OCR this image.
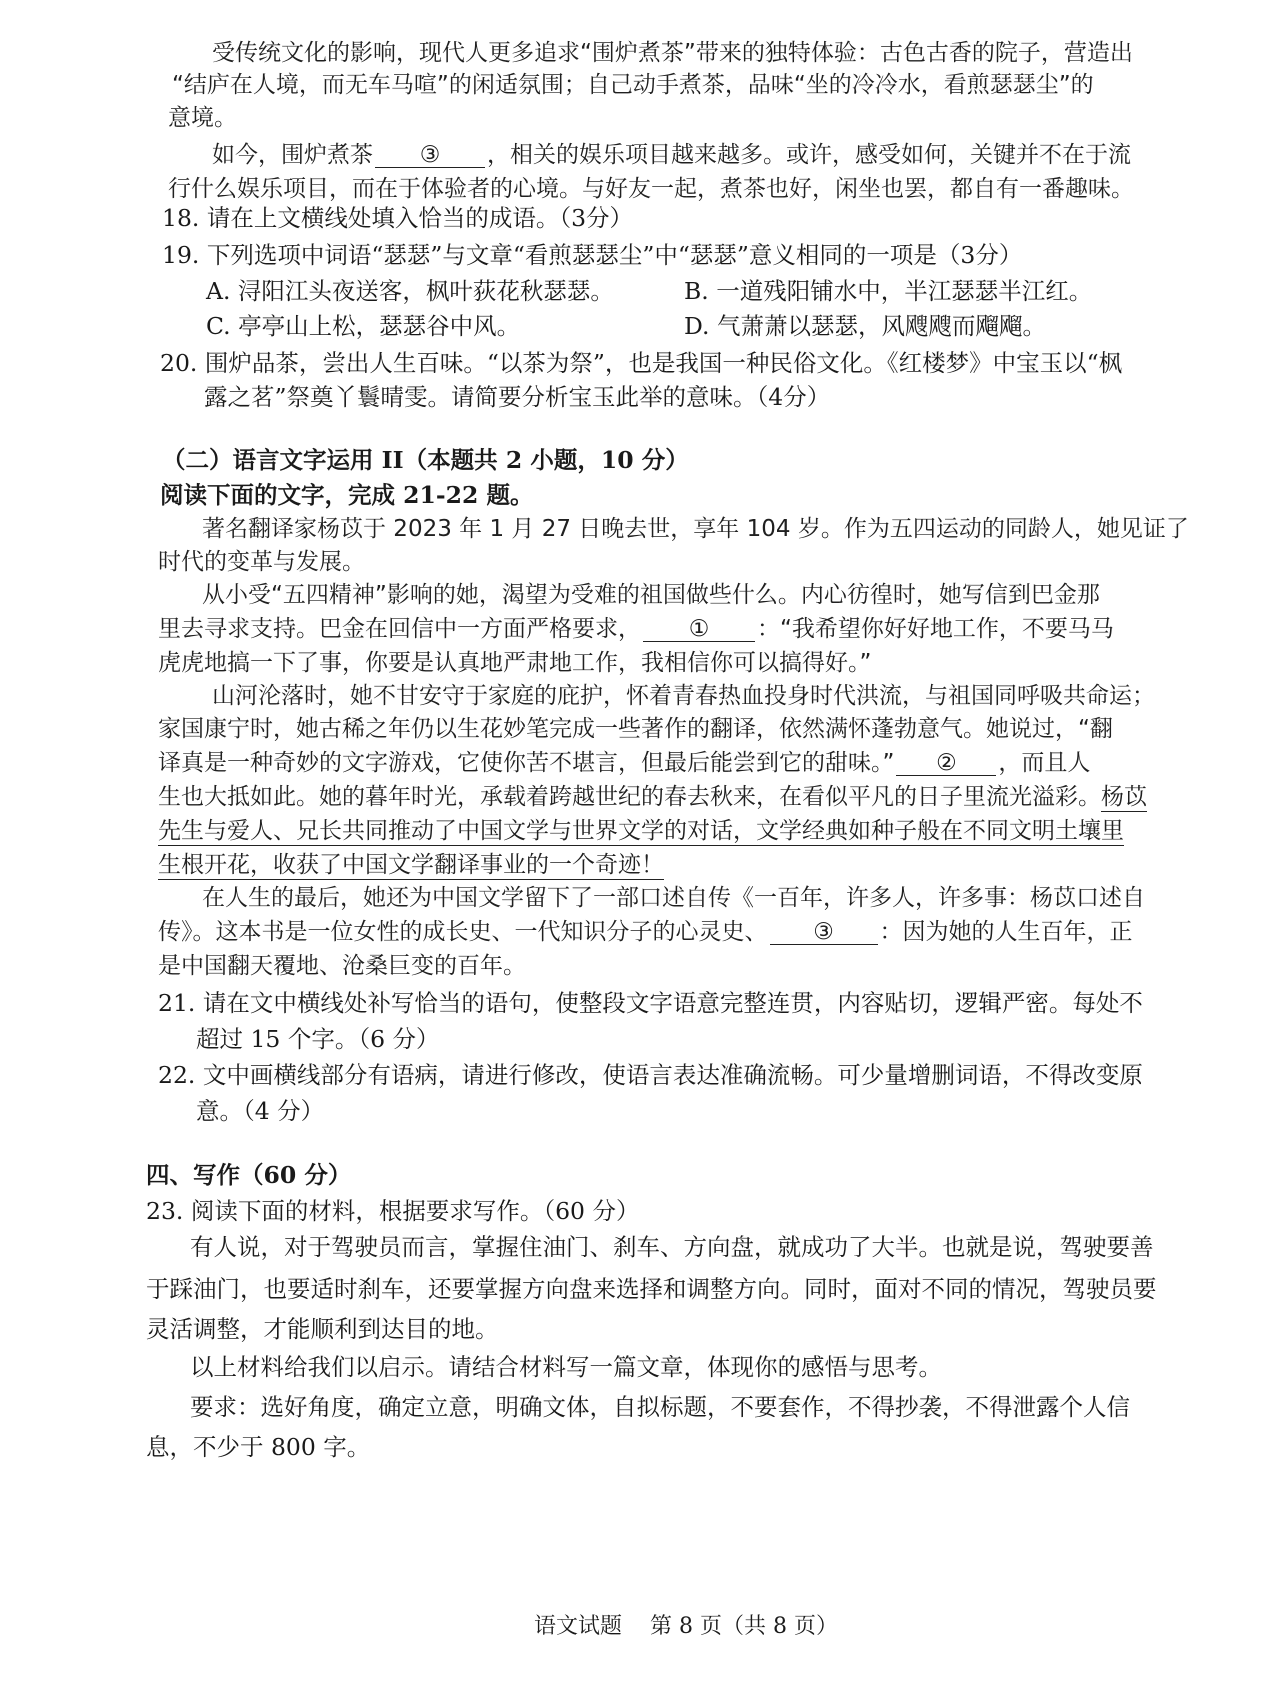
受传统文化的影响，现代人更多追求“围炉煮茶”带来的独特体验：古色古香的院子，营造出
“结庐在人境，而无车马喧”的闲适氛围；自己动手煮茶，品味“坐的冷冷水，看煎瑟瑟尘”的
意境。
如今，围炉煮茶 ③ ，相关的娱乐项目越来越多。或许，感受如何，关键并不在于流
行什么娱乐项目，而在于体验者的心境。与好友一起，煮茶也好，闲坐也罢，都自有一番趣味。
18. 请在上文横线处填入恰当的成语。（3分）
19. 下列选项中词语“瑟瑟”与文章“看煎瑟瑟尘”中“瑟瑟”意义相同的一项是（3分）
A. 浔阳江头夜送客，枫叶荻花秋瑟瑟。	B. 一道残阳铺水中，半江瑟瑟半江红。
C. 亭亭山上松，瑟瑟谷中风。	D. 气萧萧以瑟瑟，风飕飕而飗飗。
20. 围炉品茶，尝出人生百味。“以茶为祭”，也是我国一种民俗文化。《红楼梦》中宝玉以“枫
露之茗”祭奠丫鬟晴雯。请简要分析宝玉此举的意味。（4分）
（二）语言文字运用 II（本题共 2 小题，10 分）
阅读下面的文字，完成 21-22 题。
著名翻译家杨苡于 2023 年 1 月 27 日晚去世，享年 104 岁。作为五四运动的同龄人，她见证了
时代的变革与发展。
从小受“五四精神”影响的她，渴望为受难的祖国做些什么。内心彷徨时，她写信到巴金那
里去寻求支持。巴金在回信中一方面严格要求， ① ：“我希望你好好地工作，不要马马
虎虎地搞一下了事，你要是认真地严肃地工作，我相信你可以搞得好。”
山河沦落时，她不甘安守于家庭的庇护，怀着青春热血投身时代洪流，与祖国同呼吸共命运；
家国康宁时，她古稀之年仍以生花妙笔完成一些著作的翻译，依然满怀蓬勃意气。她说过，“翻
译真是一种奇妙的文字游戏，它使你苦不堪言，但最后能尝到它的甜味。” ② ，而且人
生也大抵如此。她的暮年时光，承载着跨越世纪的春去秋来，在看似平凡的日子里流光溢彩。杨苡
先生与爱人、兄长共同推动了中国文学与世界文学的对话，文学经典如种子般在不同文明土壤里
生根开花，收获了中国文学翻译事业的一个奇迹！
在人生的最后，她还为中国文学留下了一部口述自传《一百年，许多人，许多事：杨苡口述自
传》。这本书是一位女性的成长史、一代知识分子的心灵史、 ③ ：因为她的人生百年，正
是中国翻天覆地、沧桑巨变的百年。
21. 请在文中横线处补写恰当的语句，使整段文字语意完整连贯，内容贴切，逻辑严密。每处不
超过 15 个字。（6 分）
22. 文中画横线部分有语病，请进行修改，使语言表达准确流畅。可少量增删词语，不得改变原
意。（4 分）
四、写作（60 分）
23. 阅读下面的材料，根据要求写作。（60 分）
有人说，对于驾驶员而言，掌握住油门、刹车、方向盘，就成功了大半。也就是说，驾驶要善
于踩油门，也要适时刹车，还要掌握方向盘来选择和调整方向。同时，面对不同的情况，驾驶员要
灵活调整，才能顺利到达目的地。
以上材料给我们以启示。请结合材料写一篇文章，体现你的感悟与思考。
要求：选好角度，确定立意，明确文体，自拟标题，不要套作，不得抄袭，不得泄露个人信
息，不少于 800 字。
语文试题 第 8 页（共 8 页）
